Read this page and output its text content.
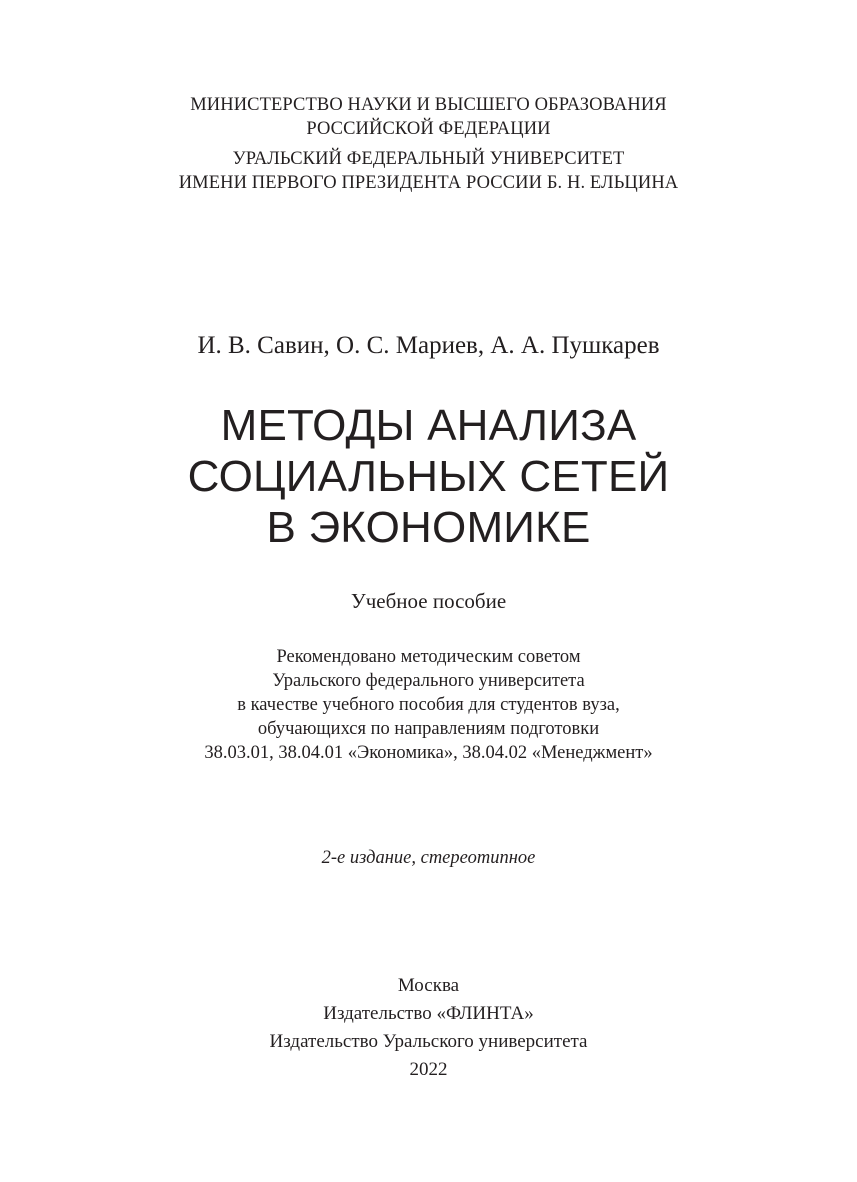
МИНИСТЕРСТВО НАУКИ И ВЫСШЕГО ОБРАЗОВАНИЯ
РОССИЙСКОЙ ФЕДЕРАЦИИ
УРАЛЬСКИЙ ФЕДЕРАЛЬНЫЙ УНИВЕРСИТЕТ
ИМЕНИ ПЕРВОГО ПРЕЗИДЕНТА РОССИИ Б. Н. ЕЛЬЦИНА
И. В. Савин, О. С. Мариев, А. А. Пушкарев
МЕТОДЫ АНАЛИЗА
СОЦИАЛЬНЫХ СЕТЕЙ
В ЭКОНОМИКЕ
Учебное пособие
Рекомендовано методическим советом
Уральского федерального университета
в качестве учебного пособия для студентов вуза,
обучающихся по направлениям подготовки
38.03.01, 38.04.01 «Экономика», 38.04.02 «Менеджмент»
2-е издание, стереотипное
Москва
Издательство «ФЛИНТА»
Издательство Уральского университета
2022
